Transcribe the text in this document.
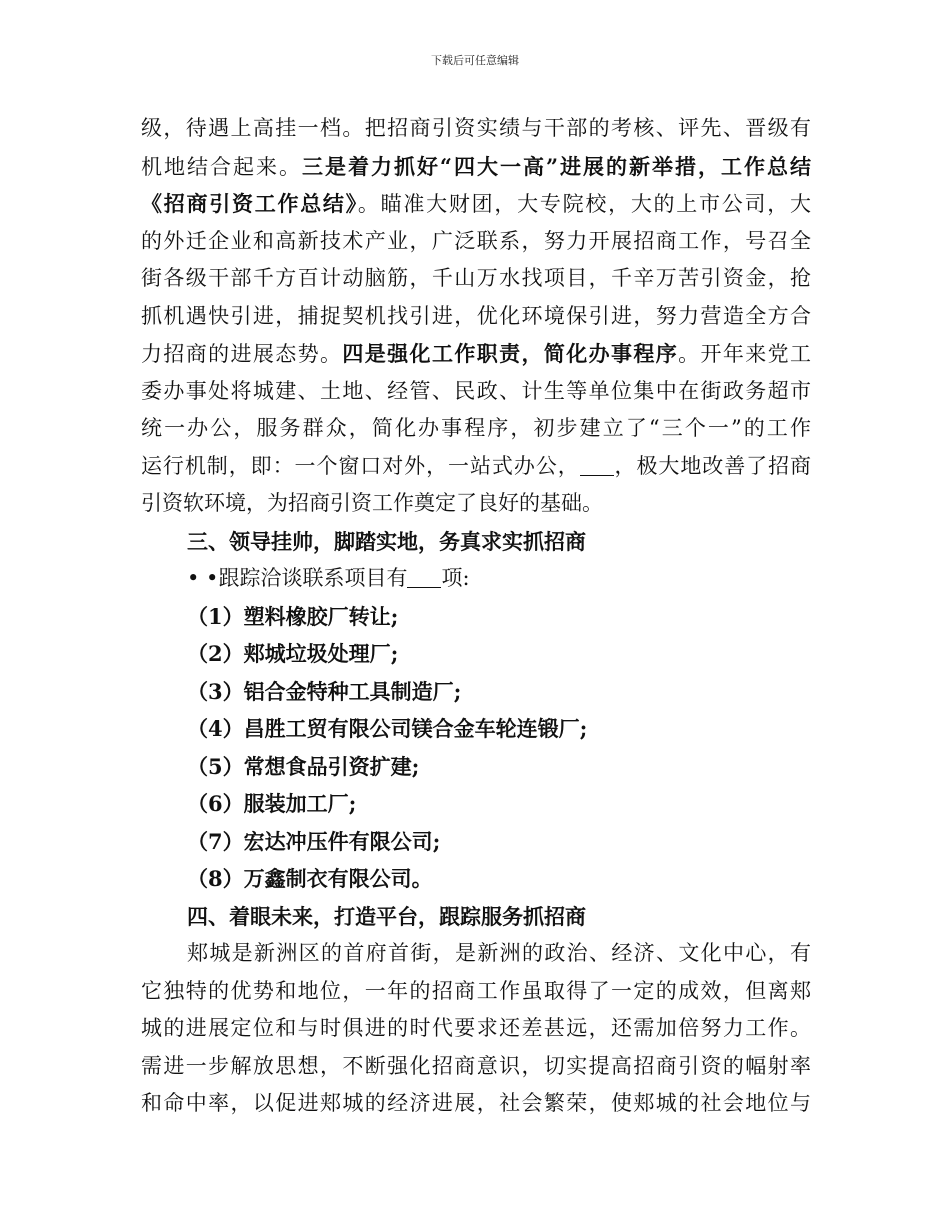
下载后可任意编辑
级，待遇上高挂一档。把招商引资实绩与干部的考核、评先、晋级有
机地结合起来。三是着力抓好“四大一高”进展的新举措，工作总结
《招商引资工作总结》。瞄准大财团，大专院校，大的上市公司，大
的外迁企业和高新技术产业，广泛联系，努力开展招商工作，号召全
街各级干部千方百计动脑筋，千山万水找项目，千辛万苦引资金，抢
抓机遇快引进，捕捉契机找引进，优化环境保引进，努力营造全方合
力招商的进展态势。四是强化工作职责，简化办事程序。开年来党工
委办事处将城建、土地、经管、民政、计生等单位集中在街政务超市
统一办公，服务群众，简化办事程序，初步建立了“三个一”的工作
运行机制，即：一个窗口对外，一站式办公， ，极大地改善了招商
引资软环境，为招商引资工作奠定了良好的基础。
三、领导挂帅，脚踏实地，务真求实抓招商
• •跟踪洽谈联系项目有 项:
（1）塑料橡胶厂转让;
（2）郏城垃圾处理厂;
（3）铝合金特种工具制造厂;
（4）昌胜工贸有限公司镁合金车轮连锻厂;
（5）常想食品引资扩建;
（6）服装加工厂;
（7）宏达冲压件有限公司;
（8）万鑫制衣有限公司。
四、着眼未来，打造平台，跟踪服务抓招商
郏城是新洲区的首府首街，是新洲的政治、经济、文化中心，有
它独特的优势和地位，一年的招商工作虽取得了一定的成效，但离郏
城的进展定位和与时俱进的时代要求还差甚远，还需加倍努力工作。
需进一步解放思想，不断强化招商意识，切实提高招商引资的幅射率
和命中率，以促进郏城的经济进展，社会繁荣，使郏城的社会地位与
